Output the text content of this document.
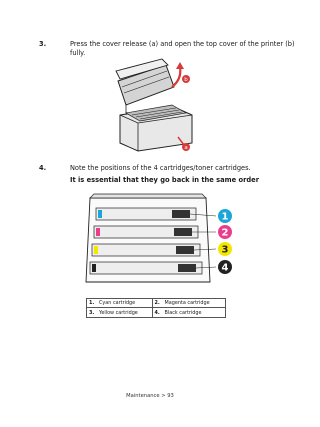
3.	Press the cover release (a) and open the top cover of the printer (b) fully.
b
a
4.	Note the positions of the 4 cartridges/toner cartridges.
It is essential that they go back in the same order
1
2
3
4
1.	Cyan cartridge	2.	Magenta cartridge
3.	Yellow cartridge	4.	Black cartridge
Maintenance > 93
